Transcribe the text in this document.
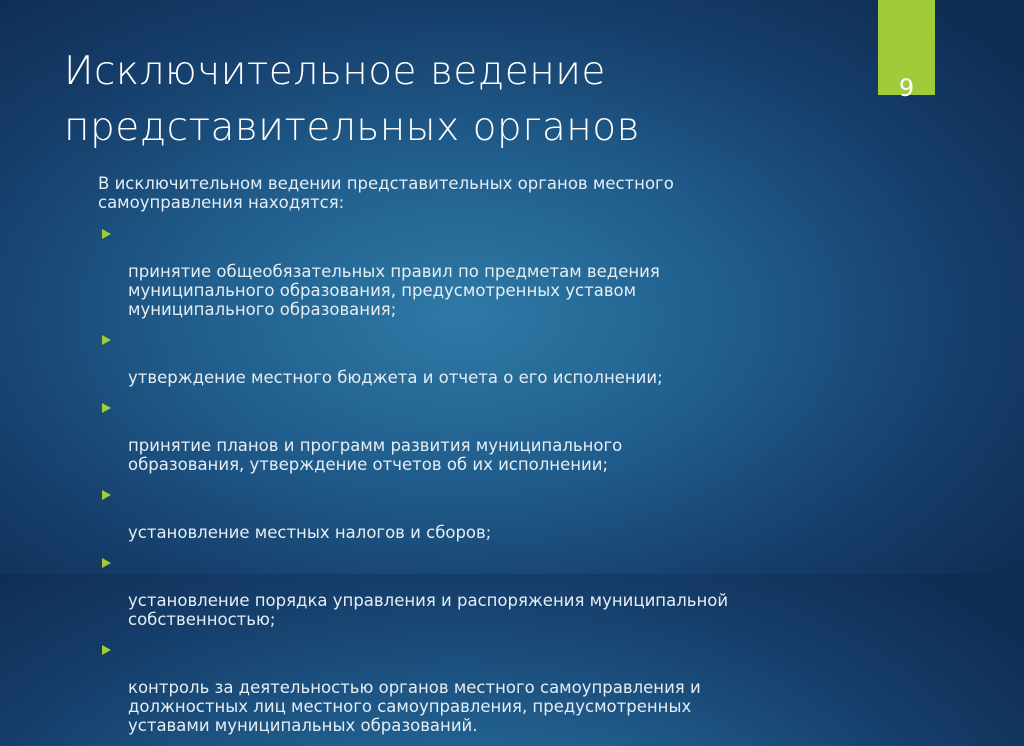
9
Исключительное ведение
представительных органов

В исключительном ведении представительных органов местного
самоуправления находятся:

принятие общеобязательных правил по предметам ведения
муниципального образования, предусмотренных уставом
муниципального образования;

утверждение местного бюджета и отчета о его исполнении;

принятие планов и программ развития муниципального
образования, утверждение отчетов об их исполнении;

установление местных налогов и сборов;

установление порядка управления и распоряжения муниципальной
собственностью;

контроль за деятельностью органов местного самоуправления и
должностных лиц местного самоуправления, предусмотренных
уставами муниципальных образований.
